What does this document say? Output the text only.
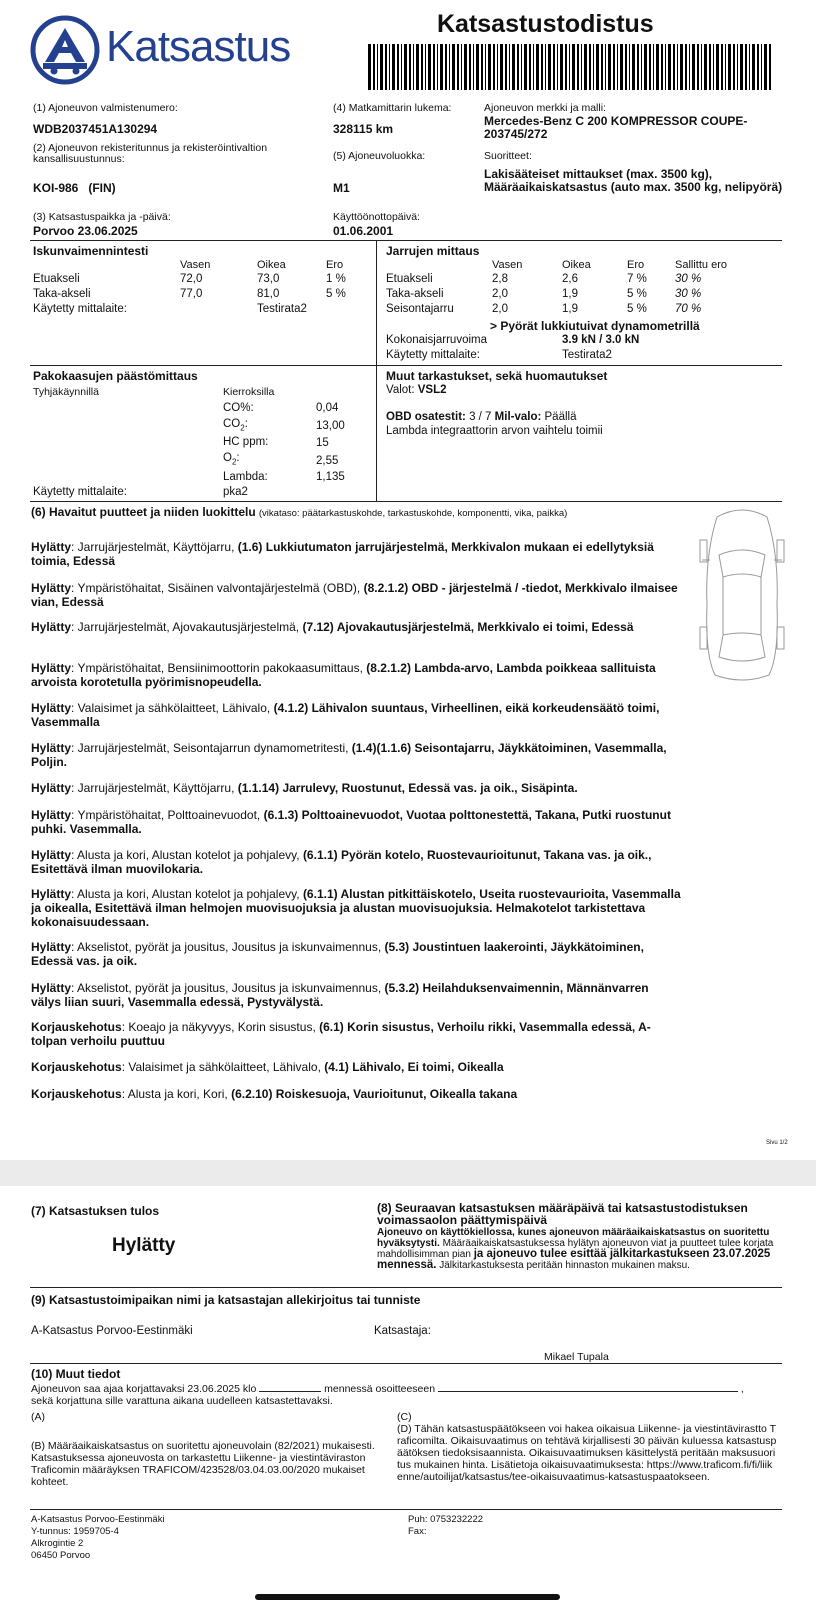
Katsastus	Katsastustodistus
(1) Ajoneuvon valmistenumero:
WDB2037451A130294
(2) Ajoneuvon rekisteritunnus ja rekisteröintivaltion kansallisuustunnus:
KOI-986   (FIN)
(3) Katsastuspaikka ja -päivä:
Porvoo 23.06.2025
(4) Matkamittarin lukema:
328115 km
(5) Ajoneuvoluokka:
M1
Käyttöönottopäivä:
01.06.2001
Ajoneuvon merkki ja malli:
Mercedes-Benz C 200 KOMPRESSOR COUPE-203745/272
Suoritteet:
Lakisääteiset mittaukset (max. 3500 kg), Määräaikaiskatsastus (auto max. 3500 kg, nelipyörä)
Iskunvaimennintesti
Vasen	Oikea	Ero
Etuakseli	72,0	73,0	1 %
Taka-akseli	77,0	81,0	5 %
Käytetty mittalaite:	Testirata2
Jarrujen mittaus
Vasen	Oikea	Ero	Sallittu ero
Etuakseli	2,8	2,6	7 % 30 %
Taka-akseli	2,0	1,9	5 % 30 %
Seisontajarru	2,0	1,9	5 % 70 %
> Pyörät lukkiutuivat dynamometrillä
Kokonaisjarruvoima	3.9 kN / 3.0 kN
Käytetty mittalaite:	Testirata2
Pakokaasujen päästömittaus
Tyhjäkäynnillä	Kierroksilla
CO%:	0,04
$CO_2$:	13,00
HC ppm:	15
$O_2$:	2,55
Lambda:	1,135
Käytetty mittalaite:	pka2
Muut tarkastukset, sekä huomautukset
Valot: VSL2
OBD osatestit: 3 / 7 Mil-valo: Päällä
Lambda integraattorin arvon vaihtelu toimii
(6) Havaitut puutteet ja niiden luokittelu (vikataso: päätarkastuskohde, tarkastuskohde, komponentti, vika, paikka)
Hylätty: Jarrujärjestelmät, Käyttöjarru, (1.6) Lukkiutumaton jarrujärjestelmä, Merkkivalon mukaan ei edellytyksiä toimia, Edessä
Hylätty: Ympäristöhaitat, Sisäinen valvontajärjestelmä (OBD), (8.2.1.2) OBD - järjestelmä / -tiedot, Merkkivalo ilmaisee vian, Edessä
Hylätty: Jarrujärjestelmät, Ajovakautusjärjestelmä, (7.12) Ajovakautusjärjestelmä, Merkkivalo ei toimi, Edessä
Hylätty: Ympäristöhaitat, Bensiinimoottorin pakokaasumittaus, (8.2.1.2) Lambda-arvo, Lambda poikkeaa sallituista arvoista korotetulla pyörimisnopeudella.
Hylätty: Valaisimet ja sähkölaitteet, Lähivalo, (4.1.2) Lähivalon suuntaus, Virheellinen, eikä korkeudensäätö toimi, Vasemmalla
Hylätty: Jarrujärjestelmät, Seisontajarrun dynamometritesti, (1.4)(1.1.6) Seisontajarru, Jäykkätoiminen, Vasemmalla, Poljin.
Hylätty: Jarrujärjestelmät, Käyttöjarru, (1.1.14) Jarrulevy, Ruostunut, Edessä vas. ja oik., Sisäpinta.
Hylätty: Ympäristöhaitat, Polttoainevuodot, (6.1.3) Polttoainevuodot, Vuotaa polttonestettä, Takana, Putki ruostunut puhki. Vasemmalla.
Hylätty: Alusta ja kori, Alustan kotelot ja pohjalevy, (6.1.1) Pyörän kotelo, Ruostevaurioitunut, Takana vas. ja oik., Esitettävä ilman muovilokaria.
Hylätty: Alusta ja kori, Alustan kotelot ja pohjalevy, (6.1.1) Alustan pitkittäiskotelo, Useita ruostevaurioita, Vasemmalla ja oikealla, Esitettävä ilman helmojen muovisuojuksia ja alustan muovisuojuksia. Helmakotelot tarkistettava kokonaisuudessaan.
Hylätty: Akselistot, pyörät ja jousitus, Jousitus ja iskunvaimennus, (5.3) Joustintuen laakerointi, Jäykkätoiminen, Edessä vas. ja oik.
Hylätty: Akselistot, pyörät ja jousitus, Jousitus ja iskunvaimennus, (5.3.2) Heilahduksenvaimennin, Männänvarren välys liian suuri, Vasemmalla edessä, Pystyvälystä.
Korjauskehotus: Koeajo ja näkyvyys, Korin sisustus, (6.1) Korin sisustus, Verhoilu rikki, Vasemmalla edessä, A-tolpan verhoilu puuttuu
Korjauskehotus: Valaisimet ja sähkölaitteet, Lähivalo, (4.1) Lähivalo, Ei toimi, Oikealla
Korjauskehotus: Alusta ja kori, Kori, (6.2.10) Roiskesuoja, Vaurioitunut, Oikealla takana
Sivu 1/2
(7) Katsastuksen tulos
Hylätty
(8) Seuraavan katsastuksen määräpäivä tai katsastustodistuksen voimassaolon päättymispäivä
Ajoneuvo on käyttökiellossa, kunes ajoneuvon määräaikaiskatsastus on suoritettu hyväksytysti. Määräaikaiskatsastuksessa hylätyn ajoneuvon viat ja puutteet tulee korjata mahdollisimman pian ja ajoneuvo tulee esittää jälkitarkastukseen 23.07.2025 mennessä. Jälkitarkastuksesta peritään hinnaston mukainen maksu.
(9) Katsastustoimipaikan nimi ja katsastajan allekirjoitus tai tunniste
A-Katsastus Porvoo-Eestinmäki	Katsastaja:
Mikael Tupala
(10) Muut tiedot
Ajoneuvon saa ajaa korjattavaksi 23.06.2025 klo	mennessä osoitteeseen	,
sekä korjattuna sille varattuna aikana uudelleen katsastettavaksi.
(A)	(C)
(B) Määräaikaiskatsastus on suoritettu ajoneuvolain (82/2021) mukaisesti. Katsastuksessa ajoneuvosta on tarkastettu Liikenne- ja viestintäviraston Traficomin määräyksen TRAFICOM/423528/03.04.03.00/2020 mukaiset kohteet.
(D) Tähän katsastuspäätökseen voi hakea oikaisua Liikenne- ja viestintävirastto Traficomilta. Oikaisuvaatimus on tehtävä kirjallisesti 30 päivän kuluessa katsastuspäätöksen tiedoksisaannista. Oikaisuvaatimuksen käsittelystä peritään maksusuoritus mukainen hinta. Lisätietoja oikaisuvaatimuksesta: https://www.traficom.fi/fi/liikenne/autoilijat/katsastus/tee-oikaisuvaatimus-katsastuspaatokseen.
A-Katsastus Porvoo-Eestinmäki
Y-tunnus: 1959705-4
Alkrogintie 2
06450 Porvoo
Puh: 0753232222
Fax:
